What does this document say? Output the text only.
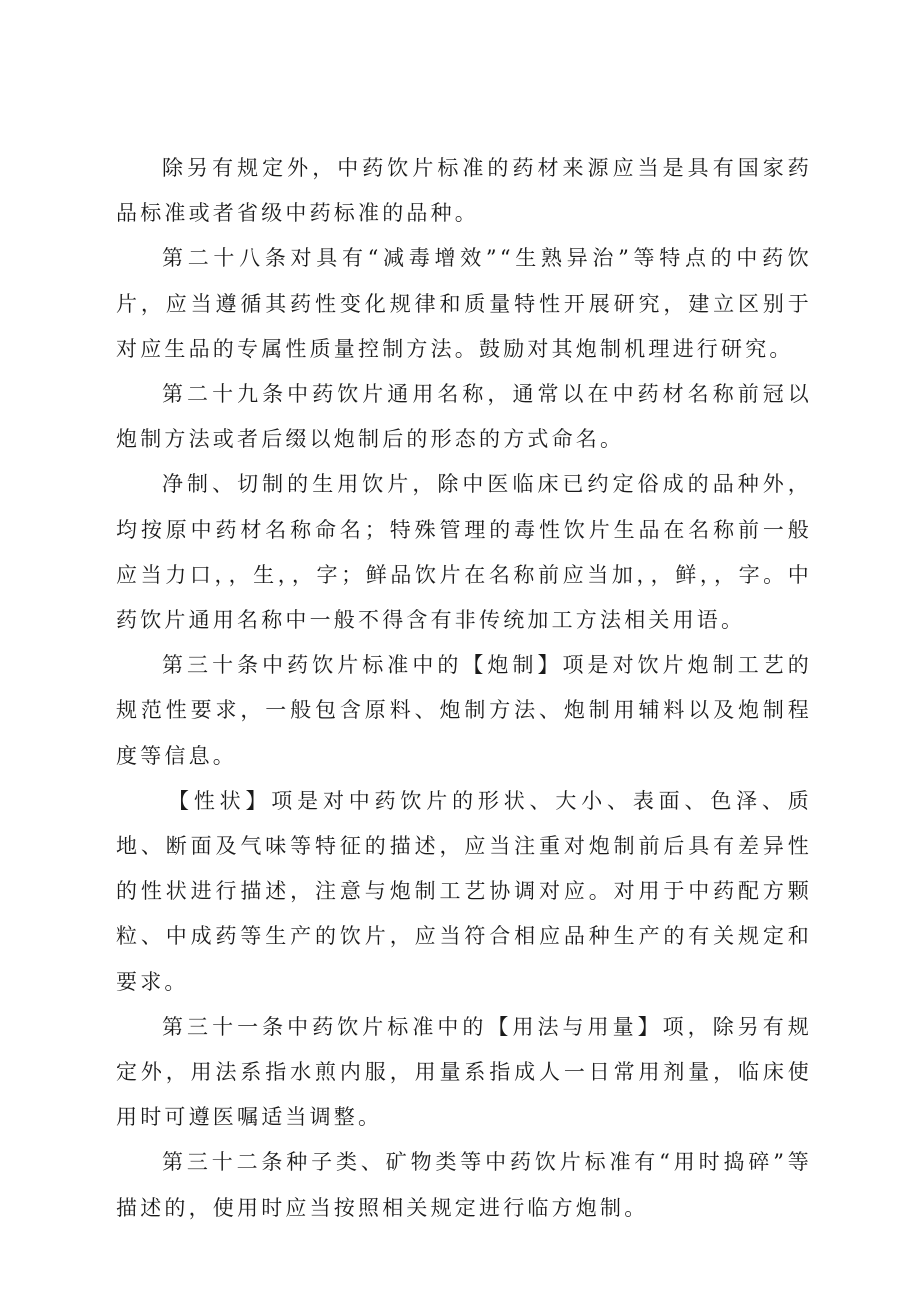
除另有规定外，中药饮片标准的药材来源应当是具有国家药品标准或者省级中药标准的品种。

第二十八条对具有“减毒增效”“生熟异治”等特点的中药饮片，应当遵循其药性变化规律和质量特性开展研究，建立区别于对应生品的专属性质量控制方法。鼓励对其炮制机理进行研究。

第二十九条中药饮片通用名称，通常以在中药材名称前冠以炮制方法或者后缀以炮制后的形态的方式命名。

净制、切制的生用饮片，除中医临床已约定俗成的品种外，均按原中药材名称命名；特殊管理的毒性饮片生品在名称前一般应当力口，，生，，字；鲜品饮片在名称前应当加，，鲜，，字。中药饮片通用名称中一般不得含有非传统加工方法相关用语。

第三十条中药饮片标准中的【炮制】项是对饮片炮制工艺的规范性要求，一般包含原料、炮制方法、炮制用辅料以及炮制程度等信息。

【性状】项是对中药饮片的形状、大小、表面、色泽、质地、断面及气味等特征的描述，应当注重对炮制前后具有差异性的性状进行描述，注意与炮制工艺协调对应。对用于中药配方颗粒、中成药等生产的饮片，应当符合相应品种生产的有关规定和要求。

第三十一条中药饮片标准中的【用法与用量】项，除另有规定外，用法系指水煎内服，用量系指成人一日常用剂量，临床使用时可遵医嘱适当调整。

第三十二条种子类、矿物类等中药饮片标准有“用时捣碎”等描述的，使用时应当按照相关规定进行临方炮制。
